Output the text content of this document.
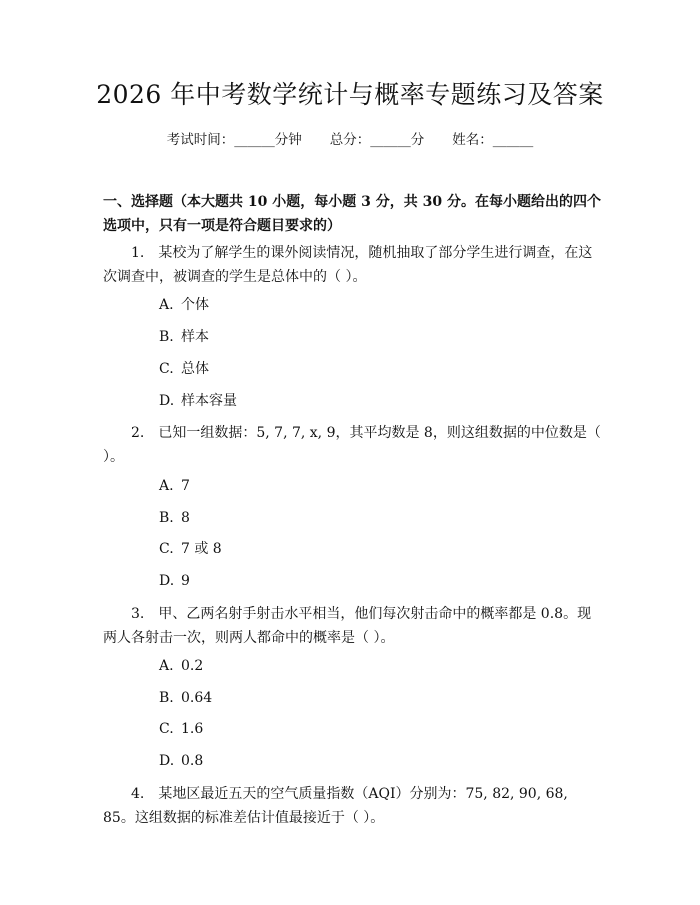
2026 年中考数学统计与概率专题练习及答案
考试时间：______分钟 总分：______分 姓名：______
一、选择题（本大题共 10 小题，每小题 3 分，共 30 分。在每小题给出的四个选项中，只有一项是符合题目要求的）
1.　某校为了解学生的课外阅读情况，随机抽取了部分学生进行调查，在这次调查中，被调查的学生是总体中的（ ）。
A. 个体
B. 样本
C. 总体
D. 样本容量
2.　已知一组数据：5, 7, 7, x, 9，其平均数是 8，则这组数据的中位数是（ ）。
A. 7
B. 8
C. 7 或 8
D. 9
3.　甲、乙两名射手射击水平相当，他们每次射击命中的概率都是 0.8。现两人各射击一次，则两人都命中的概率是（ ）。
A. 0.2
B. 0.64
C. 1.6
D. 0.8
4.　某地区最近五天的空气质量指数（AQI）分别为：75, 82, 90, 68, 85。这组数据的标准差估计值最接近于（ ）。
